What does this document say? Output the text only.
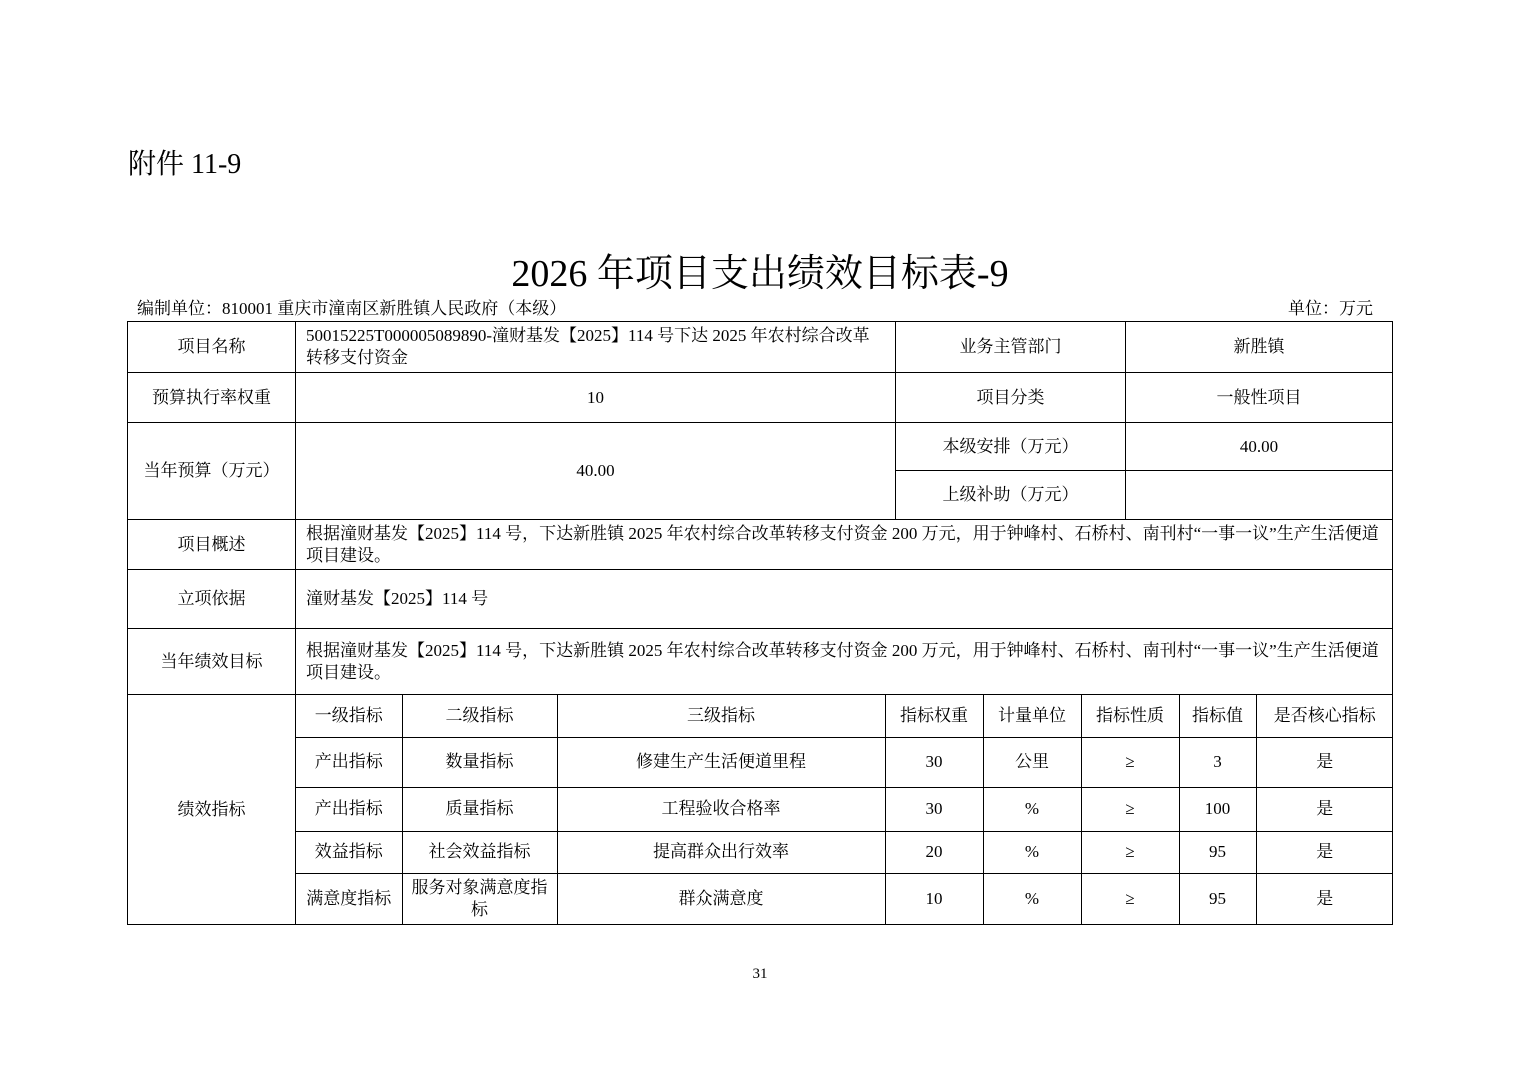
附件 11-9
2026 年项目支出绩效目标表-9
编制单位：810001 重庆市潼南区新胜镇人民政府（本级）	单位：万元
项目名称	50015225T000005089890-潼财基发【2025】114 号下达 2025 年农村综合改革转移支付资金	业务主管部门	新胜镇
预算执行率权重	10	项目分类	一般性项目
当年预算（万元）	40.00	本级安排（万元）	40.00
上级补助（万元）	
项目概述	根据潼财基发【2025】114 号，下达新胜镇 2025 年农村综合改革转移支付资金 200 万元，用于钟峰村、石桥村、南刊村“一事一议”生产生活便道项目建设。
立项依据	潼财基发【2025】114 号
当年绩效目标	根据潼财基发【2025】114 号，下达新胜镇 2025 年农村综合改革转移支付资金 200 万元，用于钟峰村、石桥村、南刊村“一事一议”生产生活便道项目建设。
绩效指标	
一级指标	二级指标	三级指标	指标权重	计量单位	指标性质	指标值	是否核心指标
产出指标	数量指标	修建生产生活便道里程	30	公里	≥	3	是
产出指标	质量指标	工程验收合格率	30	%	≥	100	是
效益指标	社会效益指标	提高群众出行效率	20	%	≥	95	是
满意度指标	服务对象满意度指标	群众满意度	10	%	≥	95	是
31
